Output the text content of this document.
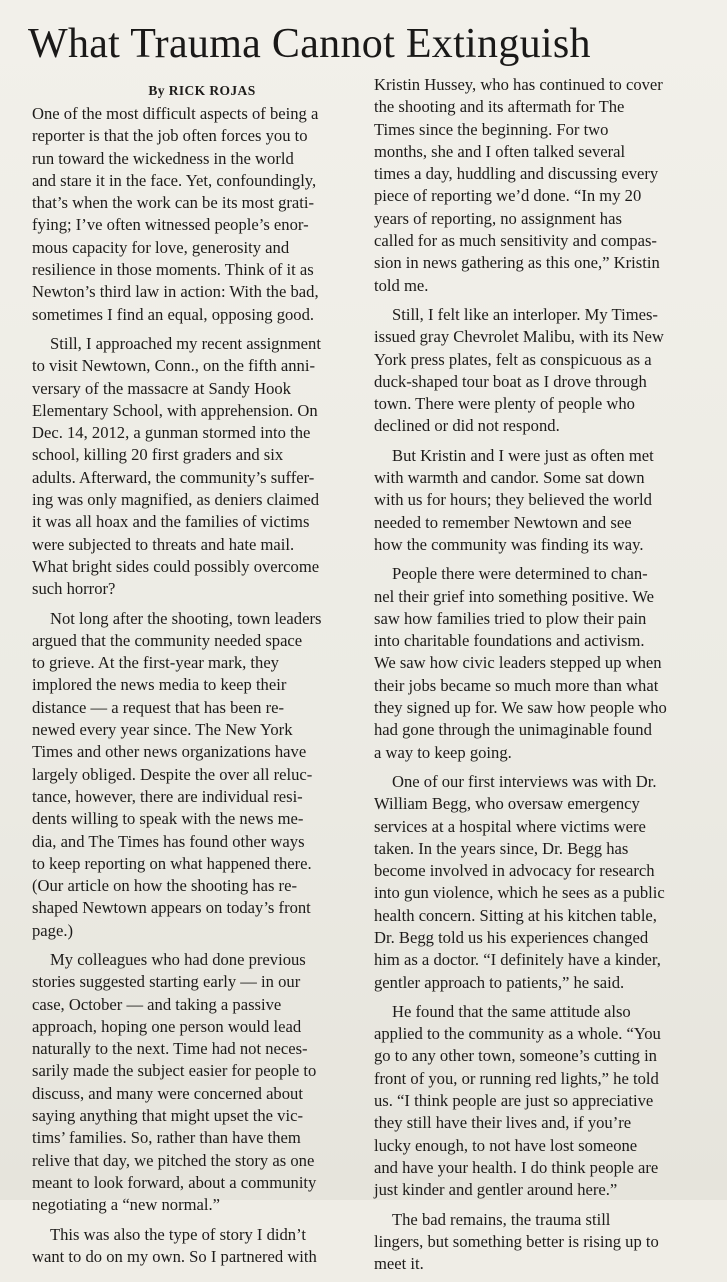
What Trauma Cannot Extinguish
By RICK ROJAS

One of the most difficult aspects of being a
reporter is that the job often forces you to
run toward the wickedness in the world
and stare it in the face. Yet, confoundingly,
that’s when the work can be its most grati-
fying; I’ve often witnessed people’s enor-
mous capacity for love, generosity and
resilience in those moments. Think of it as
Newton’s third law in action: With the bad,
sometimes I find an equal, opposing good.

Still, I approached my recent assignment
to visit Newtown, Conn., on the fifth anni-
versary of the massacre at Sandy Hook
Elementary School, with apprehension. On
Dec. 14, 2012, a gunman stormed into the
school, killing 20 first graders and six
adults. Afterward, the community’s suffer-
ing was only magnified, as deniers claimed
it was all hoax and the families of victims
were subjected to threats and hate mail.
What bright sides could possibly overcome
such horror?

Not long after the shooting, town leaders
argued that the community needed space
to grieve. At the first-year mark, they
implored the news media to keep their
distance — a request that has been re-
newed every year since. The New York
Times and other news organizations have
largely obliged. Despite the over all reluc-
tance, however, there are individual resi-
dents willing to speak with the news me-
dia, and The Times has found other ways
to keep reporting on what happened there.
(Our article on how the shooting has re-
shaped Newtown appears on today’s front
page.)

My colleagues who had done previous
stories suggested starting early — in our
case, October — and taking a passive
approach, hoping one person would lead
naturally to the next. Time had not neces-
sarily made the subject easier for people to
discuss, and many were concerned about
saying anything that might upset the vic-
tims’ families. So, rather than have them
relive that day, we pitched the story as one
meant to look forward, about a community
negotiating a “new normal.”

This was also the type of story I didn’t
want to do on my own. So I partnered with

Kristin Hussey, who has continued to cover
the shooting and its aftermath for The
Times since the beginning. For two
months, she and I often talked several
times a day, huddling and discussing every
piece of reporting we’d done. “In my 20
years of reporting, no assignment has
called for as much sensitivity and compas-
sion in news gathering as this one,” Kristin
told me.

Still, I felt like an interloper. My Times-
issued gray Chevrolet Malibu, with its New
York press plates, felt as conspicuous as a
duck-shaped tour boat as I drove through
town. There were plenty of people who
declined or did not respond.

But Kristin and I were just as often met
with warmth and candor. Some sat down
with us for hours; they believed the world
needed to remember Newtown and see
how the community was finding its way.

People there were determined to chan-
nel their grief into something positive. We
saw how families tried to plow their pain
into charitable foundations and activism.
We saw how civic leaders stepped up when
their jobs became so much more than what
they signed up for. We saw how people who
had gone through the unimaginable found
a way to keep going.

One of our first interviews was with Dr.
William Begg, who oversaw emergency
services at a hospital where victims were
taken. In the years since, Dr. Begg has
become involved in advocacy for research
into gun violence, which he sees as a public
health concern. Sitting at his kitchen table,
Dr. Begg told us his experiences changed
him as a doctor. “I definitely have a kinder,
gentler approach to patients,” he said.

He found that the same attitude also
applied to the community as a whole. “You
go to any other town, someone’s cutting in
front of you, or running red lights,” he told
us. “I think people are just so appreciative
they still have their lives and, if you’re
lucky enough, to not have lost someone
and have your health. I do think people are
just kinder and gentler around here.”

The bad remains, the trauma still
lingers, but something better is rising up to
meet it.
